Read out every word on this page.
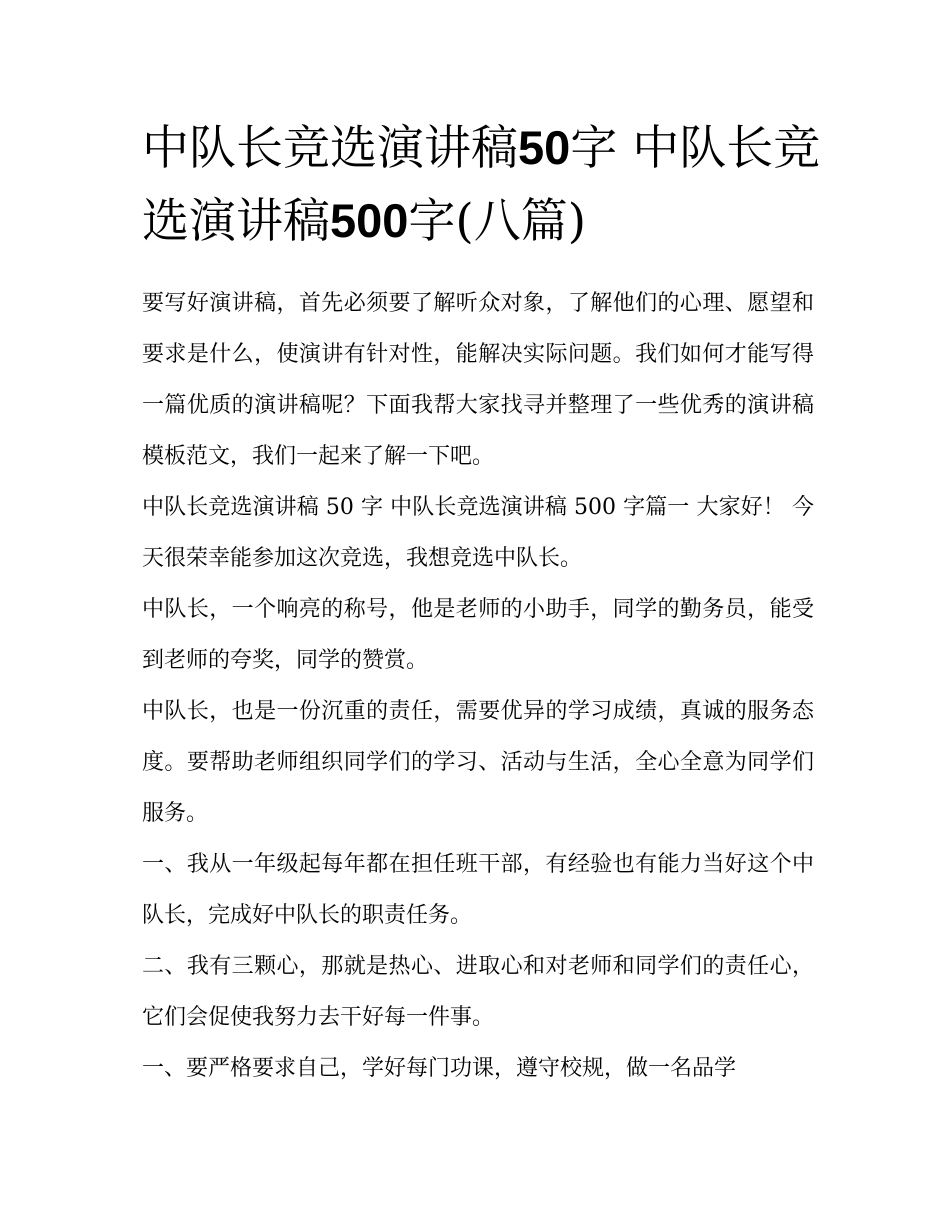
中队长竞选演讲稿50字 中队长竞选演讲稿500字(八篇)

要写好演讲稿，首先必须要了解听众对象，了解他们的心理、愿望和要求是什么，使演讲有针对性，能解决实际问题。我们如何才能写得一篇优质的演讲稿呢？下面我帮大家找寻并整理了一些优秀的演讲稿模板范文，我们一起来了解一下吧。

中队长竞选演讲稿 50 字 中队长竞选演讲稿 500 字篇一 大家好！ 今天很荣幸能参加这次竞选，我想竞选中队长。

中队长，一个响亮的称号，他是老师的小助手，同学的勤务员，能受到老师的夸奖，同学的赞赏。

中队长，也是一份沉重的责任，需要优异的学习成绩，真诚的服务态度。要帮助老师组织同学们的学习、活动与生活，全心全意为同学们服务。

一、我从一年级起每年都在担任班干部，有经验也有能力当好这个中队长，完成好中队长的职责任务。

二、我有三颗心，那就是热心、进取心和对老师和同学们的责任心，它们会促使我努力去干好每一件事。

一、要严格要求自己，学好每门功课，遵守校规，做一名品学
